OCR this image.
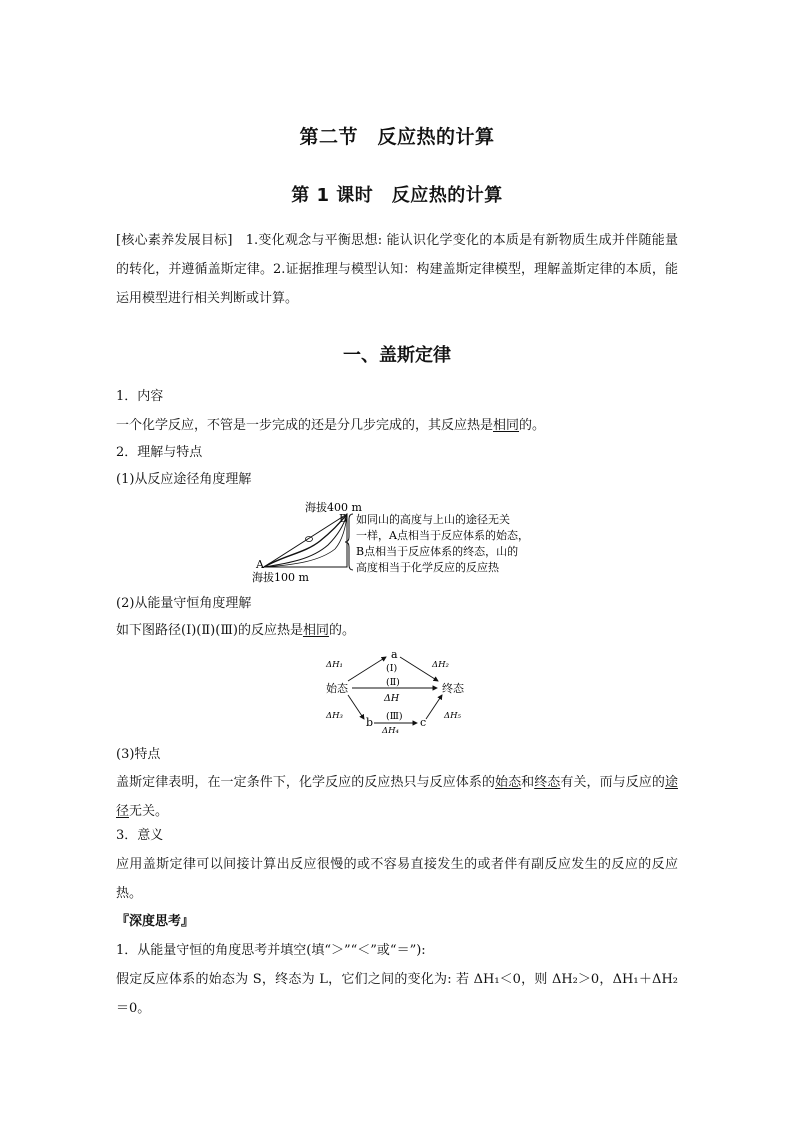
第二节　反应热的计算
第 1 课时　反应热的计算
[核心素养发展目标] 1.变化观念与平衡思想: 能认识化学变化的本质是有新物质生成并伴随能量的转化，并遵循盖斯定律。2.证据推理与模型认知：构建盖斯定律模型，理解盖斯定律的本质，能运用模型进行相关判断或计算。
一、盖斯定律
1．内容
一个化学反应，不管是一步完成的还是分几步完成的，其反应热是相同的。
2．理解与特点
(1)从反应途径角度理解
海拔400 m
海拔100 m
A
B 如同山的高度与上山的途径无关
一样，A点相当于反应体系的始态，
B点相当于反应体系的终态，山的
高度相当于化学反应的反应热
(2)从能量守恒角度理解
如下图路径(Ⅰ)(Ⅱ)(Ⅲ)的反应热是相同的。
始态	终态
a
b	c
(Ⅰ)
(Ⅱ)
(Ⅲ)
ΔH
ΔH₁	ΔH₂
ΔH₃
ΔH₄
ΔH₅
(3)特点
盖斯定律表明，在一定条件下，化学反应的反应热只与反应体系的始态和终态有关，而与反应的途径无关。
3．意义
应用盖斯定律可以间接计算出反应很慢的或不容易直接发生的或者伴有副反应发生的反应的反应热。
『深度思考』
1．从能量守恒的角度思考并填空(填“＞”“＜”或“＝”):
假定反应体系的始态为 S，终态为 L，它们之间的变化为: 若 ΔH₁＜0，则 ΔH₂＞0，ΔH₁＋ΔH₂＝0。
